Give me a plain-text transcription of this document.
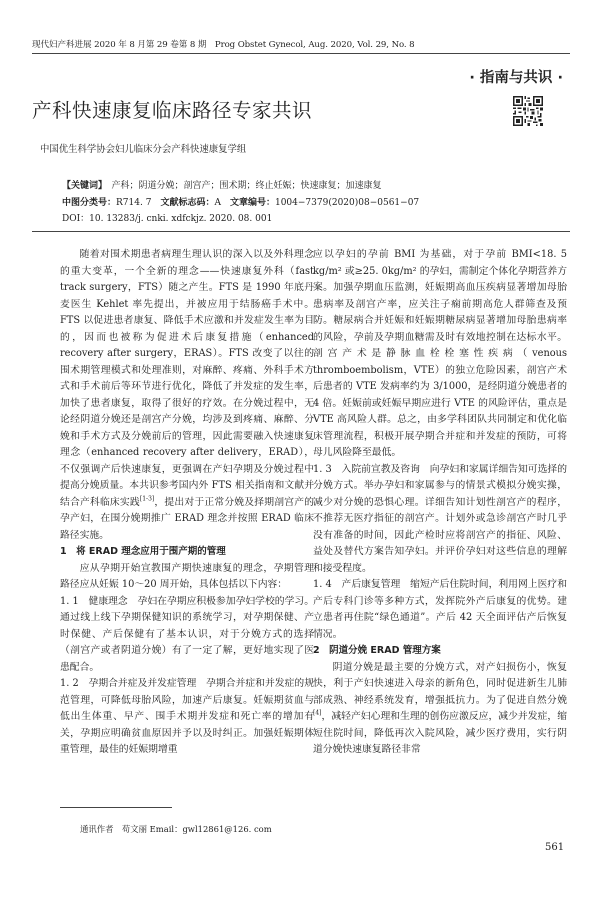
现代妇产科进展 2020 年 8 月第 29 卷第 8 期　Prog Obstet Gynecol, Aug. 2020, Vol. 29, No. 8
· 指南与共识 ·
产科快速康复临床路径专家共识
中国优生科学协会妇儿临床分会产科快速康复学组
【关键词】　 产科；阴道分娩；剖宫产；围术期；终止妊娠；快速康复；加速康复
中图分类号：R714. 7　 文献标志码：A　 文章编号：1004−7379(2020)08−0561−07
DOI：10. 13283/j. cnki. xdfckjz. 2020. 08. 001

随着对围术期患者病理生理认识的深入以及外科理念的重大变革，一个全新的理念——快速康复外科（fast track surgery，FTS）随之产生。FTS 是 1990 年底丹麦医生 Kehlet 率先提出，并被应用于结肠癌手术中。FTS 以促进患者康复、降低手术应激和并发症发生率为目的，因而也被称为促进术后康复措施（enhanced recovery after surgery，ERAS）。FTS 改变了以往的围术期管理模式和处理准则，对麻醉、疼痛、外科手术方式和手术前后等环节进行优化，降低了并发症的发生率，加快了患者康复，取得了很好的疗效。在分娩过程中，无论经阴道分娩还是剖宫产分娩，均涉及到疼痛、麻醉、分娩和手术方式及分娩前后的管理，因此需要融入快速康复理念（enhanced recovery after delivery，ERAD），不仅强调产后快速康复，更强调在产妇孕期及分娩过程中提高分娩质量。本共识参考国内外 FTS 相关指南和文献并结合产科临床实践[1-3]，提出对于正常分娩及择期剖宫产的孕产妇，在围分娩期推广 ERAD 理念并按照 ERAD 临床路径实施。

1　将 ERAD 理念应用于围产期的管理

应从孕期开始宣教围产期快速康复的理念，孕期管理路径应从妊娠 10～20 周开始，具体包括以下内容：

1. 1　健康理念　孕妇在孕期应积极参加孕妇学校的学习。通过线上线下孕期保健知识的系统学习，对孕期保健、产时保健、产后保健有了基本认识，对于分娩方式的选择（剖宫产或者阴道分娩）有了一定了解，更好地实现了医患配合。

1. 2　孕期合并症及并发症管理　孕期合并症和并发症的规范管理，可降低母胎风险，加速产后康复。妊娠期贫血与低出生体重、早产、围手术期并发症和死亡率的增加有关，孕期应明确贫血原因并予以及时纠正。加强妊娠期体重管理，最佳的妊娠期增重

应以孕妇的孕前 BMI 为基础，对于孕前 BMI<18. 5 kg/m² 或≥25. 0kg/m² 的孕妇，需制定个体化孕期营养方案。加强孕期血压监测，妊娠期高血压疾病显著增加母胎患病率及剖宫产率，应关注子痫前期高危人群筛查及预防。糖尿病合并妊娠和妊娠期糖尿病显著增加母胎患病率的风险，孕前及孕期血糖需及时有效地控制在达标水平。剖宫产术是静脉血栓栓塞性疾病（venous thromboembolism，VTE）的独立危险因素，剖宫产术后患者的 VTE 发病率约为 3/1000，是经阴道分娩患者的 4 倍。妊娠前或妊娠早期应进行 VTE 的风险评估，重点是 VTE 高风险人群。总之，由多学科团队共同制定和优化临床管理流程，积极开展孕期合并症和并发症的预防，可将母儿风险降至最低。

1. 3　入院前宣教及咨询　向孕妇和家属详细告知可选择的分娩方式。举办孕妇和家属参与的情景式模拟分娩实操，减少对分娩的恐惧心理。详细告知计划性剖宫产的程序，不推荐无医疗指征的剖宫产。计划外或急诊剖宫产时几乎没有准备的时间，因此产检时应将剖宫产的指征、风险、益处及替代方案告知孕妇。并评价孕妇对这些信息的理解和接受程度。

1. 4　产后康复管理　缩短产后住院时间，利用网上医疗和产后专科门诊等多种方式，发挥院外产后康复的优势。建立患者再住院“绿色通道”。产后 42 天全面评估产后恢复情况。

2　阴道分娩 ERAD 管理方案

阴道分娩是最主要的分娩方式，对产妇损伤小，恢复快，利于产妇快速进入母亲的新角色，同时促进新生儿肺部成熟、神经系统发育，增强抵抗力。为了促进自然分娩[4]，减轻产妇心理和生理的创伤应激反应，减少并发症，缩短住院时间，降低再次入院风险，减少医疗费用，实行阴道分娩快速康复路径非常

通讯作者　苟文丽 Email：gwl12861@126. com
561
